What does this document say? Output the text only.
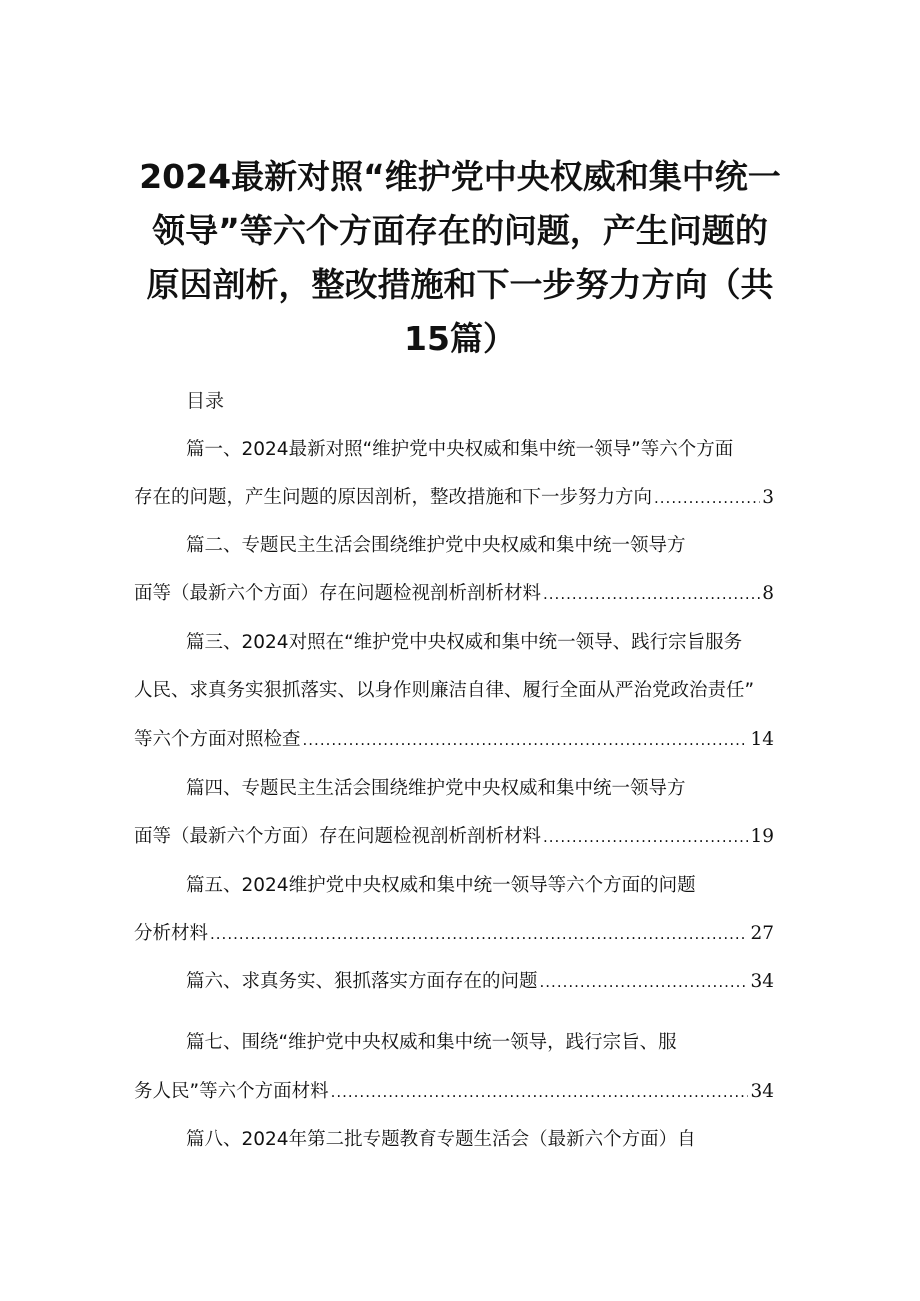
2024最新对照“维护党中央权威和集中统一
领导”等六个方面存在的问题，产生问题的
原因剖析，整改措施和下一步努力方向（共
15篇）
目录
篇一、2024最新对照“维护党中央权威和集中统一领导”等六个方面
存在的问题，产生问题的原因剖析，整改措施和下一步努力方向 .....	3
篇二、专题民主生活会围绕维护党中央权威和集中统一领导方
面等（最新六个方面）存在问题检视剖析剖析材料 .....	8
篇三、2024对照在“维护党中央权威和集中统一领导、践行宗旨服务
人民、求真务实狠抓落实、以身作则廉洁自律、履行全面从严治党政治责任”
等六个方面对照检查 .....	14
篇四、专题民主生活会围绕维护党中央权威和集中统一领导方
面等（最新六个方面）存在问题检视剖析剖析材料 .....	19
篇五、2024维护党中央权威和集中统一领导等六个方面的问题
分析材料 .....	27
篇六、求真务实、狠抓落实方面存在的问题 .....	34
篇七、围绕“维护党中央权威和集中统一领导，践行宗旨、服
务人民”等六个方面材料 .....	34
篇八、2024年第二批专题教育专题生活会（最新六个方面）自
